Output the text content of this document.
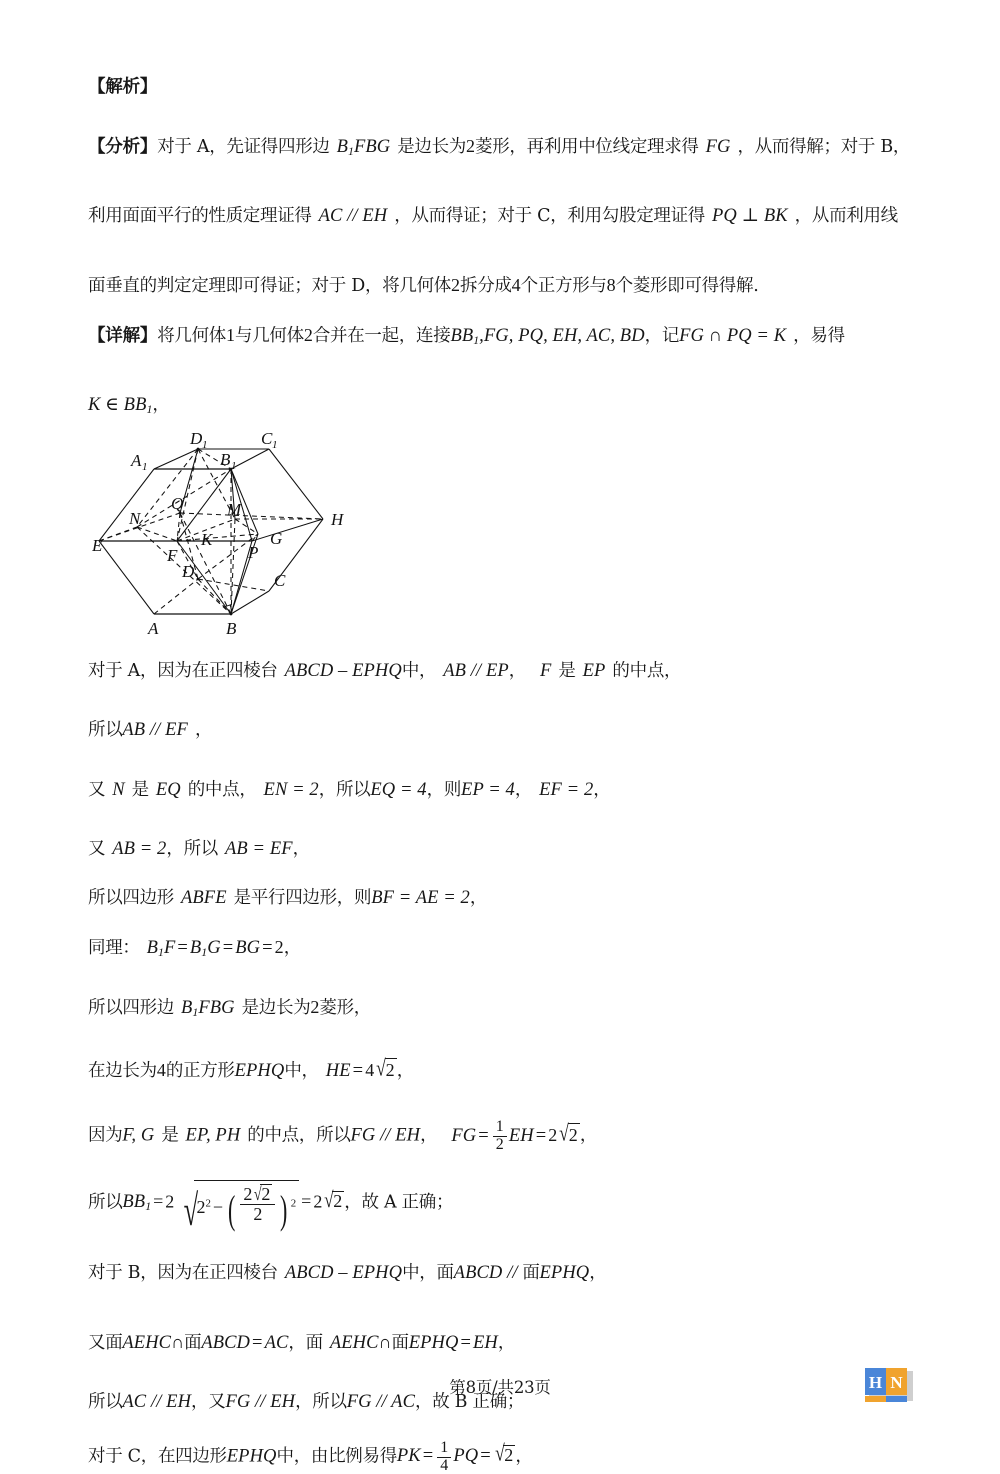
【解析】

【分析】对于 A，先证得四形边 $B_1FBG$ 是边长为2菱形，再利用中位线定理求得 FG ，从而得解；对于 B，

利用面面平行的性质定理证得 AC // EH ，从而得证；对于 C，利用勾股定理证得 PQ ⊥ BK ，从而利用线

面垂直的判定定理即可得证；对于 D，将几何体2拆分成4个正方形与8个菱形即可得得解.

【详解】将几何体1与几何体2合并在一起，连接$BB_1,FG$, PQ, EH, AC, BD，记FG ∩ PQ = K ，易得

K ∈ $BB_1$，

A 1
D 1	C 1
B 1
E
H
Q
N	M
K
F	P
G
D	C
A	B

对于 A，因为在正四棱台 ABCD – EPHQ中， AB // EP， F 是 EP 的中点，

所以AB // EF ，

又 N 是 EQ 的中点， EN = 2，所以EQ = 4，则EP = 4， EF = 2，

又 AB = 2，所以 AB = EF，

所以四边形 ABFE 是平行四边形，则BF = AE = 2，

同理： $B_1F = B_1G$ = BG = 2，

所以四形边 $B_1FBG$ 是边长为2菱形，

在边长为4的正方形EPHQ中， HE = 4√2 ，

因为F, G 是 EP, PH 的中点，所以FG // EH， FG = $\frac{1}{2}$ EH = 2√2 ，

所以$BB_1 = 2$ $√2^2$ − ( $\frac{2√2}{2}$ ) $^2$ = 2√2 ，故 A 正确；

对于 B，因为在正四棱台 ABCD – EPHQ中，面ABCD // 面EPHQ，

又面AEHC∩面ABCD = AC，面 AEHC∩面EPHQ = EH，

所以AC // EH，又FG // EH，所以FG // AC，故 B 正确；

对于 C，在四边形EPHQ中，由比例易得PK = $\frac{1}{4}$ PQ = √2 ，

第8页/共23页	H N
